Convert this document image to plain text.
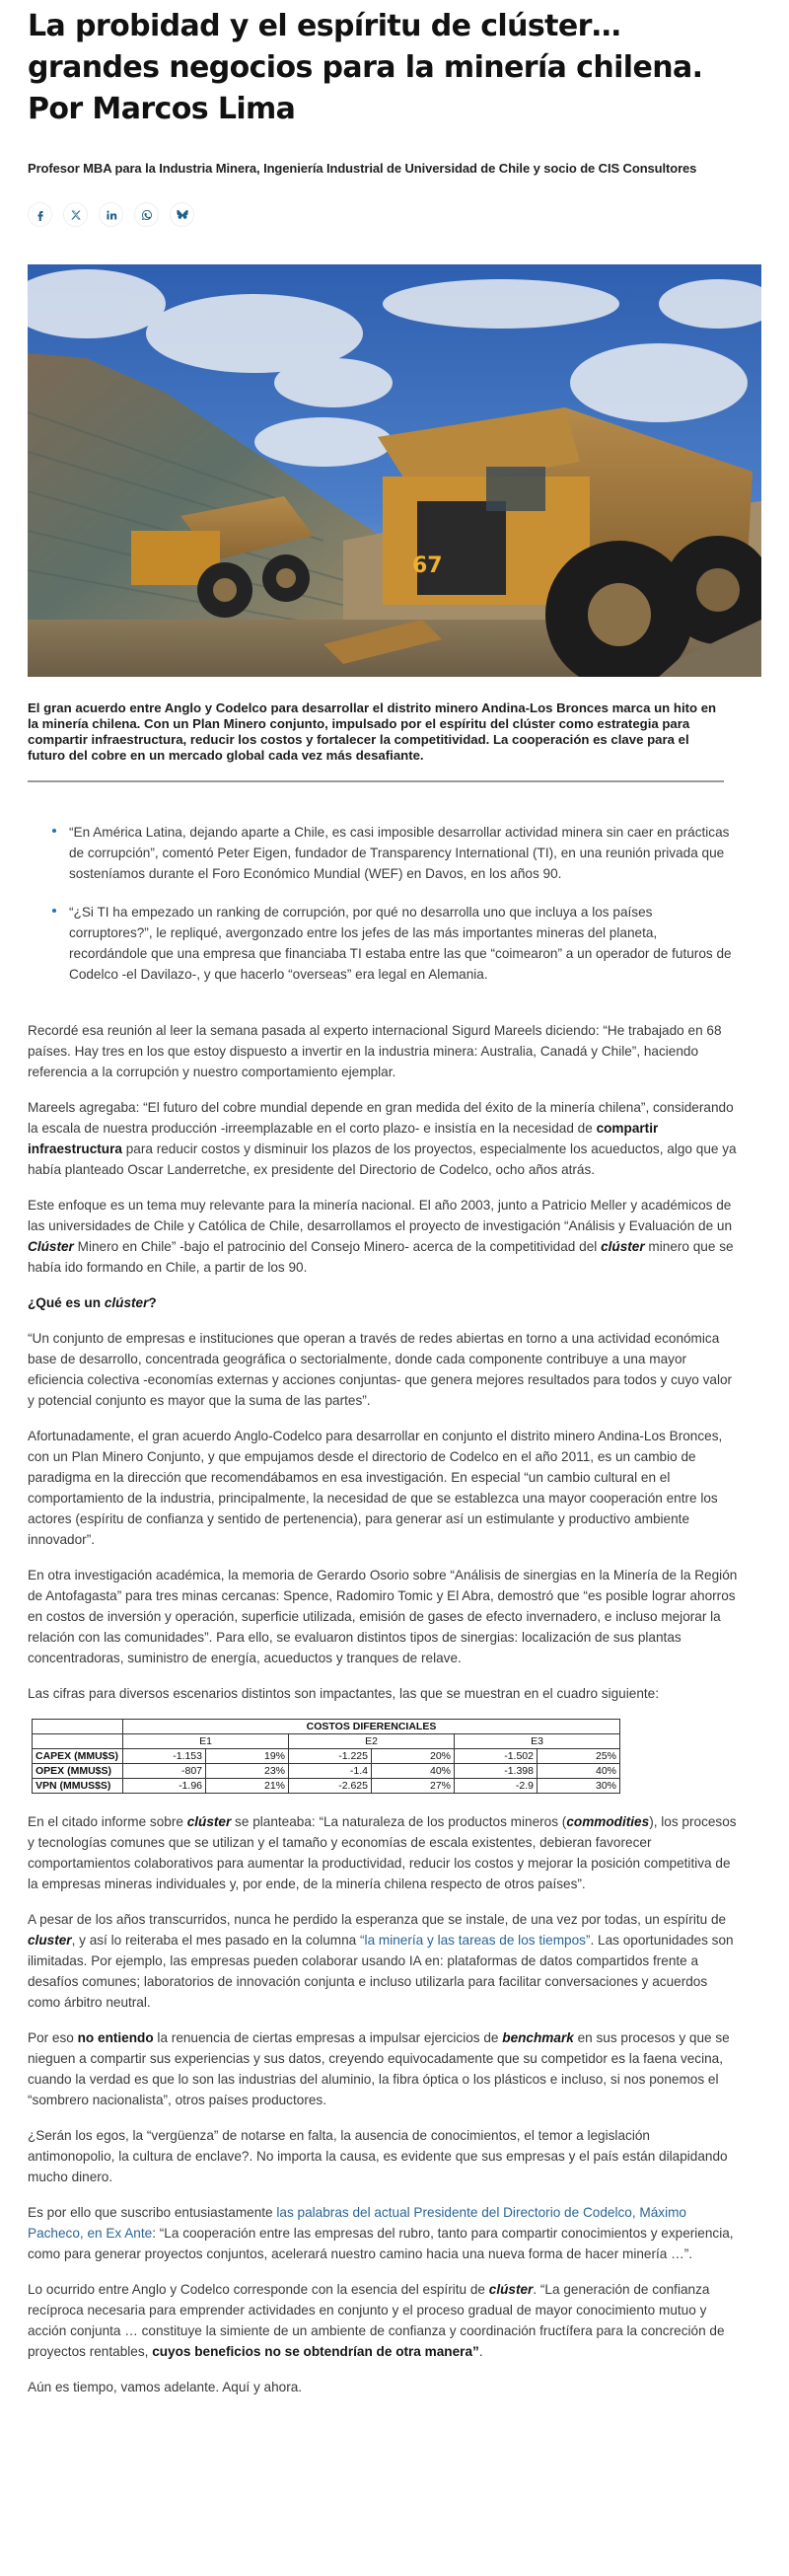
La probidad y el espíritu de clúster… grandes negocios para la minería chilena. Por Marcos Lima

Profesor MBA para la Industria Minera, Ingeniería Industrial de Universidad de Chile y socio de CIS Consultores

67

El gran acuerdo entre Anglo y Codelco para desarrollar el distrito minero Andina-Los Bronces marca un hito en la minería chilena. Con un Plan Minero conjunto, impulsado por el espíritu del clúster como estrategia para compartir infraestructura, reducir los costos y fortalecer la competitividad. La cooperación es clave para el futuro del cobre en un mercado global cada vez más desafiante.

“En América Latina, dejando aparte a Chile, es casi imposible desarrollar actividad minera sin caer en prácticas de corrupción”, comentó Peter Eigen, fundador de Transparency International (TI), en una reunión privada que sosteníamos durante el Foro Económico Mundial (WEF) en Davos, en los años 90.
“¿Si TI ha empezado un ranking de corrupción, por qué no desarrolla uno que incluya a los países corruptores?”, le repliqué, avergonzado entre los jefes de las más importantes mineras del planeta, recordándole que una empresa que financiaba TI estaba entre las que “coimearon” a un operador de futuros de Codelco -el Davilazo-, y que hacerlo “overseas” era legal en Alemania.

Recordé esa reunión al leer la semana pasada al experto internacional Sigurd Mareels diciendo: “He trabajado en 68 países. Hay tres en los que estoy dispuesto a invertir en la industria minera: Australia, Canadá y Chile”, haciendo referencia a la corrupción y nuestro comportamiento ejemplar.

Mareels agregaba: “El futuro del cobre mundial depende en gran medida del éxito de la minería chilena”, considerando la escala de nuestra producción -irreemplazable en el corto plazo- e insistía en la necesidad de compartir infraestructura para reducir costos y disminuir los plazos de los proyectos, especialmente los acueductos, algo que ya había planteado Oscar Landerretche, ex presidente del Directorio de Codelco, ocho años atrás.

Este enfoque es un tema muy relevante para la minería nacional. El año 2003, junto a Patricio Meller y académicos de las universidades de Chile y Católica de Chile, desarrollamos el proyecto de investigación “Análisis y Evaluación de un Clúster Minero en Chile” -bajo el patrocinio del Consejo Minero- acerca de la competitividad del clúster minero que se había ido formando en Chile, a partir de los 90.

¿Qué es un clúster?

“Un conjunto de empresas e instituciones que operan a través de redes abiertas en torno a una actividad económica base de desarrollo, concentrada geográfica o sectorialmente, donde cada componente contribuye a una mayor eficiencia colectiva -economías externas y acciones conjuntas- que genera mejores resultados para todos y cuyo valor y potencial conjunto es mayor que la suma de las partes”.

Afortunadamente, el gran acuerdo Anglo-Codelco para desarrollar en conjunto el distrito minero Andina-Los Bronces, con un Plan Minero Conjunto, y que empujamos desde el directorio de Codelco en el año 2011, es un cambio de paradigma en la dirección que recomendábamos en esa investigación. En especial “un cambio cultural en el comportamiento de la industria, principalmente, la necesidad de que se establezca una mayor cooperación entre los actores (espíritu de confianza y sentido de pertenencia), para generar así un estimulante y productivo ambiente innovador”.

En otra investigación académica, la memoria de Gerardo Osorio sobre “Análisis de sinergias en la Minería de la Región de Antofagasta” para tres minas cercanas: Spence, Radomiro Tomic y El Abra, demostró que “es posible lograr ahorros en costos de inversión y operación, superficie utilizada, emisión de gases de efecto invernadero, e incluso mejorar la relación con las comunidades”. Para ello, se evaluaron distintos tipos de sinergias: localización de sus plantas concentradoras, suministro de energía, acueductos y tranques de relave.

Las cifras para diversos escenarios distintos son impactantes, las que se muestran en el cuadro siguiente:

	COSTOS DIFERENCIALES					
	E1		E2		E3	
CAPEX (MMU$S)	-1.153	19%	-1.225	20%	-1.502	25%
OPEX (MMU$S)	-807	23%	-1.4	40%	-1.398	40%
VPN (MMUS$S)	-1.96	21%	-2.625	27%	-2.9	30%

En el citado informe sobre clúster se planteaba: “La naturaleza de los productos mineros (commodities), los procesos y tecnologías comunes que se utilizan y el tamaño y economías de escala existentes, debieran favorecer comportamientos colaborativos para aumentar la productividad, reducir los costos y mejorar la posición competitiva de la empresas mineras individuales y, por ende, de la minería chilena respecto de otros países”.

A pesar de los años transcurridos, nunca he perdido la esperanza que se instale, de una vez por todas, un espíritu de cluster, y así lo reiteraba el mes pasado en la columna “la minería y las tareas de los tiempos”. Las oportunidades son ilimitadas. Por ejemplo, las empresas pueden colaborar usando IA en: plataformas de datos compartidos frente a desafíos comunes; laboratorios de innovación conjunta e incluso utilizarla para facilitar conversaciones y acuerdos como árbitro neutral.

Por eso no entiendo la renuencia de ciertas empresas a impulsar ejercicios de benchmark en sus procesos y que se nieguen a compartir sus experiencias y sus datos, creyendo equivocadamente que su competidor es la faena vecina, cuando la verdad es que lo son las industrias del aluminio, la fibra óptica o los plásticos e incluso, si nos ponemos el “sombrero nacionalista”, otros países productores.

¿Serán los egos, la “vergüenza” de notarse en falta, la ausencia de conocimientos, el temor a legislación antimonopolio, la cultura de enclave?. No importa la causa, es evidente que sus empresas y el país están dilapidando mucho dinero.

Es por ello que suscribo entusiastamente las palabras del actual Presidente del Directorio de Codelco, Máximo Pacheco, en Ex Ante: “La cooperación entre las empresas del rubro, tanto para compartir conocimientos y experiencia, como para generar proyectos conjuntos, acelerará nuestro camino hacia una nueva forma de hacer minería …”.

Lo ocurrido entre Anglo y Codelco corresponde con la esencia del espíritu de clúster. “La generación de confianza recíproca necesaria para emprender actividades en conjunto y el proceso gradual de mayor conocimiento mutuo y acción conjunta … constituye la simiente de un ambiente de confianza y coordinación fructífera para la concreción de proyectos rentables, cuyos beneficios no se obtendrían de otra manera”.

Aún es tiempo, vamos adelante. Aquí y ahora.
